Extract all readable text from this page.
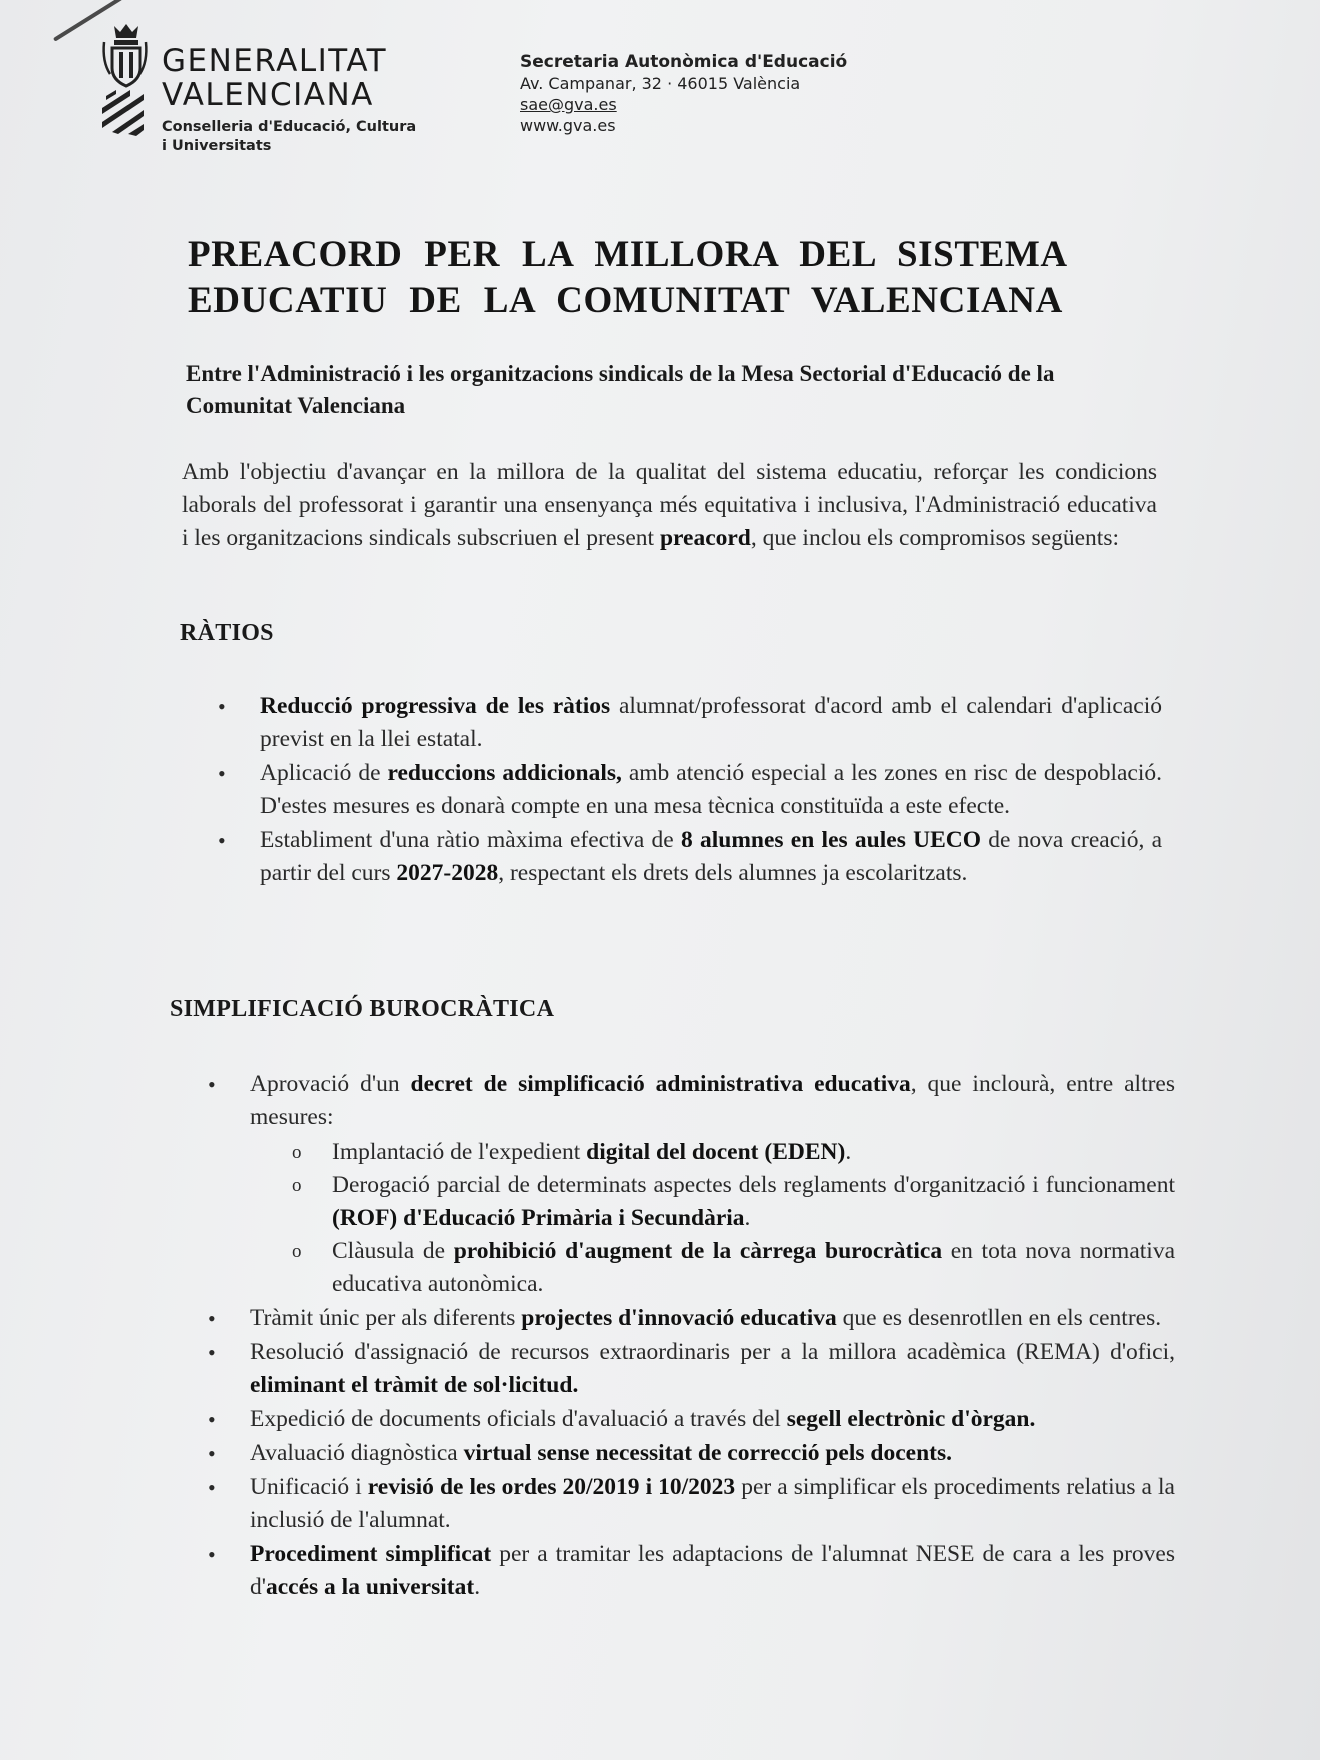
GENERALITAT
VALENCIANA
Conselleria d'Educació, Cultura
i Universitats
Secretaria Autonòmica d'Educació
Av. Campanar, 32 · 46015 València
sae@gva.es
www.gva.es
PREACORD PER LA MILLORA DEL SISTEMA
EDUCATIU DE LA COMUNITAT VALENCIANA
Entre l'Administració i les organitzacions sindicals de la Mesa Sectorial d'Educació de la Comunitat Valenciana

Amb l'objectiu d'avançar en la millora de la qualitat del sistema educatiu, reforçar les condicions laborals del professorat i garantir una ensenyança més equitativa i inclusiva, l'Administració educativa i les organitzacions sindicals subscriuen el present preacord, que inclou els compromisos següents:

RÀTIOS
• Reducció progressiva de les ràtios alumnat/professorat d'acord amb el calendari d'aplicació previst en la llei estatal.
• Aplicació de reduccions addicionals, amb atenció especial a les zones en risc de despoblació. D'estes mesures es donarà compte en una mesa tècnica constituïda a este efecte.
• Establiment d'una ràtio màxima efectiva de 8 alumnes en les aules UECO de nova creació, a partir del curs 2027-2028, respectant els drets dels alumnes ja escolaritzats.
SIMPLIFICACIÓ BUROCRÀTICA
• Aprovació d'un decret de simplificació administrativa educativa, que inclourà, entre altres mesures:
o Implantació de l'expedient digital del docent (EDEN).
o Derogació parcial de determinats aspectes dels reglaments d'organització i funcionament (ROF) d'Educació Primària i Secundària.
o Clàusula de prohibició d'augment de la càrrega burocràtica en tota nova normativa educativa autonòmica.
• Tràmit únic per als diferents projectes d'innovació educativa que es desenrotllen en els centres.
• Resolució d'assignació de recursos extraordinaris per a la millora acadèmica (REMA) d'ofici, eliminant el tràmit de sol·licitud.
• Expedició de documents oficials d'avaluació a través del segell electrònic d'òrgan.
• Avaluació diagnòstica virtual sense necessitat de correcció pels docents.
• Unificació i revisió de les ordes 20/2019 i 10/2023 per a simplificar els procediments relatius a la inclusió de l'alumnat.
• Procediment simplificat per a tramitar les adaptacions de l'alumnat NESE de cara a les proves d'accés a la universitat.
